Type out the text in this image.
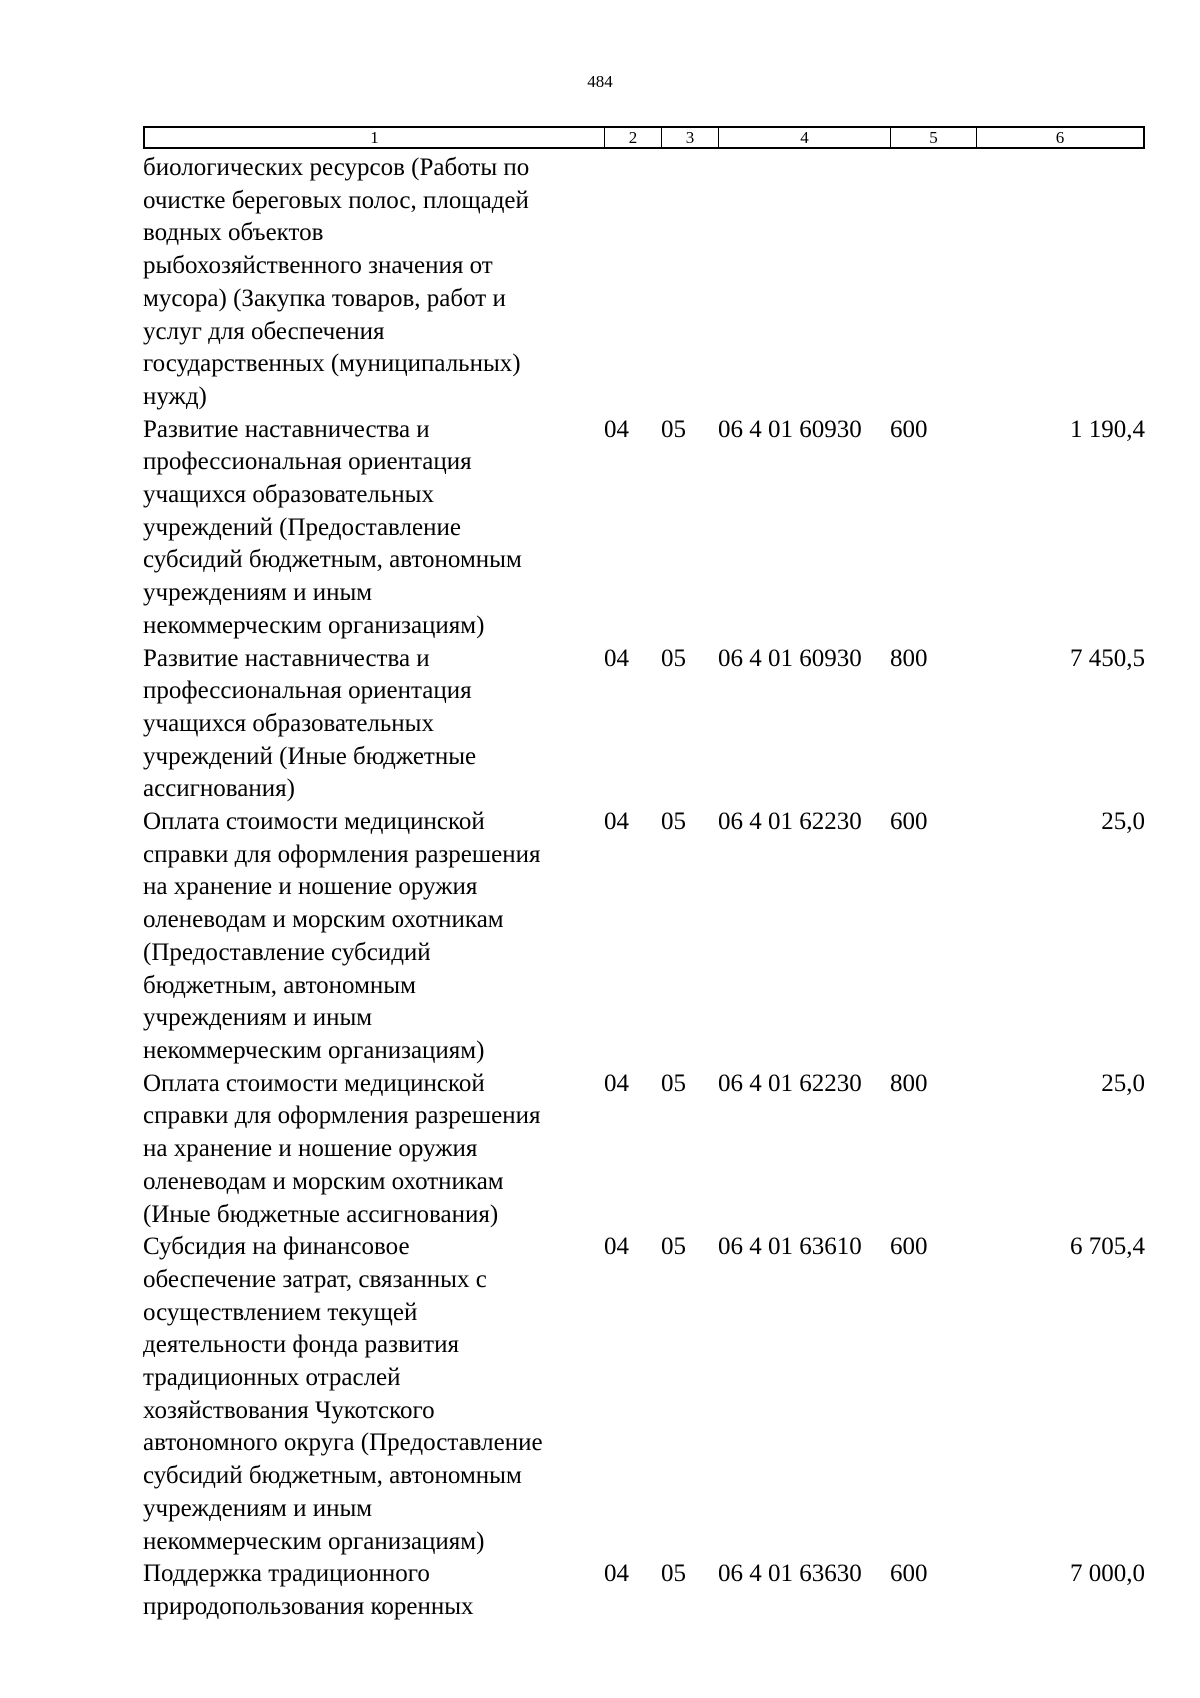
484
1	2	3	4	5	6
биологических ресурсов (Работы по
очистке береговых полос, площадей
водных объектов
рыбохозяйственного значения от
мусора) (Закупка товаров, работ и
услуг для обеспечения
государственных (муниципальных)
нужд)
Развитие наставничества и
профессиональная ориентация
учащихся образовательных
учреждений (Предоставление
субсидий бюджетным, автономным
учреждениям и иным
некоммерческим организациям)
04	05	06 4 01 60930	600	1 190,4
Развитие наставничества и
профессиональная ориентация
учащихся образовательных
учреждений (Иные бюджетные
ассигнования)
04	05	06 4 01 60930	800	7 450,5
Оплата стоимости медицинской
справки для оформления разрешения
на хранение и ношение оружия
оленеводам и морским охотникам
(Предоставление субсидий
бюджетным, автономным
учреждениям и иным
некоммерческим организациям)
04	05	06 4 01 62230	600	25,0
Оплата стоимости медицинской
справки для оформления разрешения
на хранение и ношение оружия
оленеводам и морским охотникам
(Иные бюджетные ассигнования)
04	05	06 4 01 62230	800	25,0
Субсидия на финансовое
обеспечение затрат, связанных с
осуществлением текущей
деятельности фонда развития
традиционных отраслей
хозяйствования Чукотского
автономного округа (Предоставление
субсидий бюджетным, автономным
учреждениям и иным
некоммерческим организациям)
04	05	06 4 01 63610	600	6 705,4
Поддержка традиционного
природопользования коренных
04	05	06 4 01 63630	600	7 000,0
